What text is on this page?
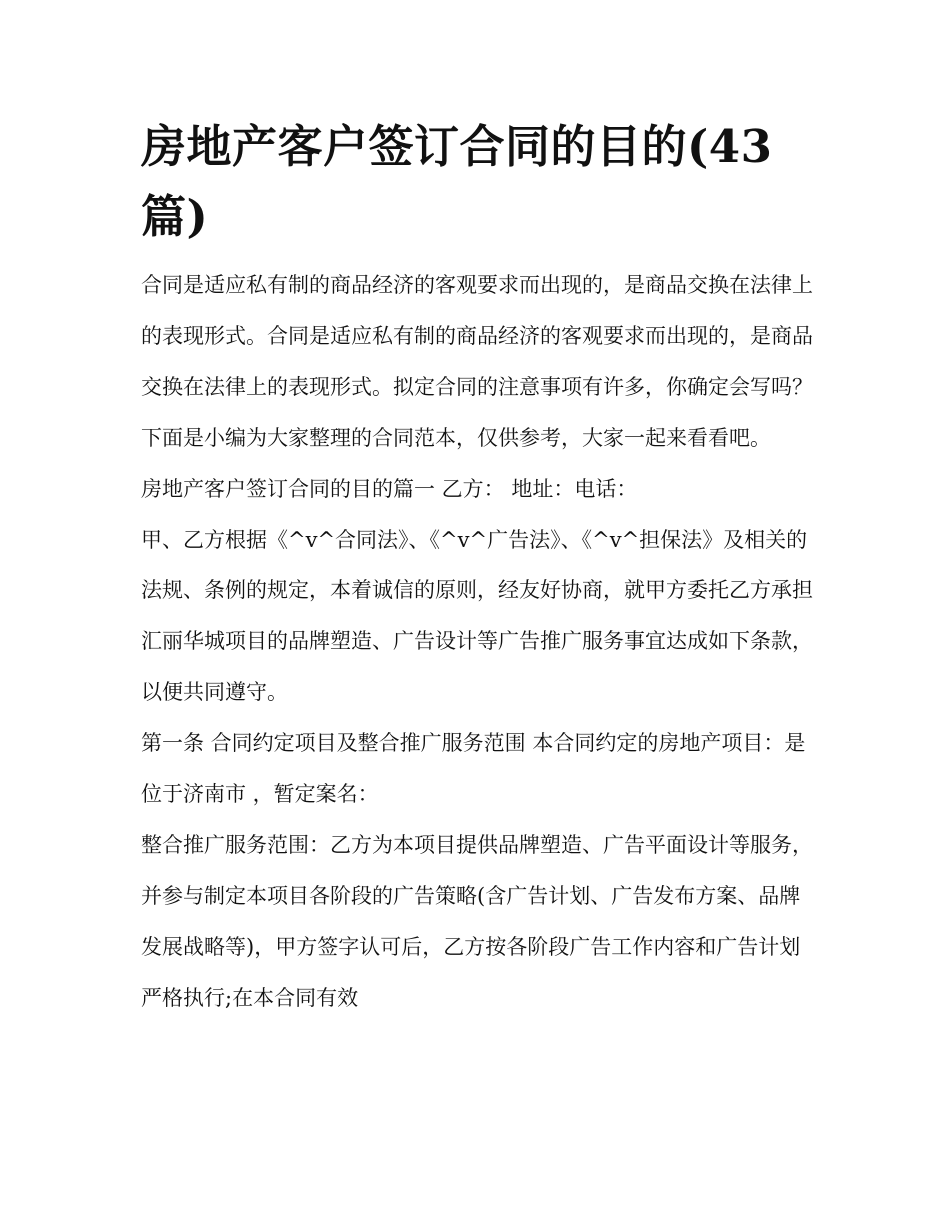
房地产客户签订合同的目的(43篇)

合同是适应私有制的商品经济的客观要求而出现的，是商品交换在法律上的表现形式。合同是适应私有制的商品经济的客观要求而出现的，是商品交换在法律上的表现形式。拟定合同的注意事项有许多，你确定会写吗？下面是小编为大家整理的合同范本，仅供参考，大家一起来看看吧。

房地产客户签订合同的目的篇一 乙方： 地址：电话：

甲、乙方根据《^v^合同法》、《^v^广告法》、《^v^担保法》及相关的法规、条例的规定，本着诚信的原则，经友好协商，就甲方委托乙方承担汇丽华城项目的品牌塑造、广告设计等广告推广服务事宜达成如下条款，以便共同遵守。

第一条 合同约定项目及整合推广服务范围 本合同约定的房地产项目：是位于济南市 ，暂定案名：

整合推广服务范围：乙方为本项目提供品牌塑造、广告平面设计等服务，并参与制定本项目各阶段的广告策略(含广告计划、广告发布方案、品牌发展战略等)，甲方签字认可后，乙方按各阶段广告工作内容和广告计划严格执行;在本合同有效
